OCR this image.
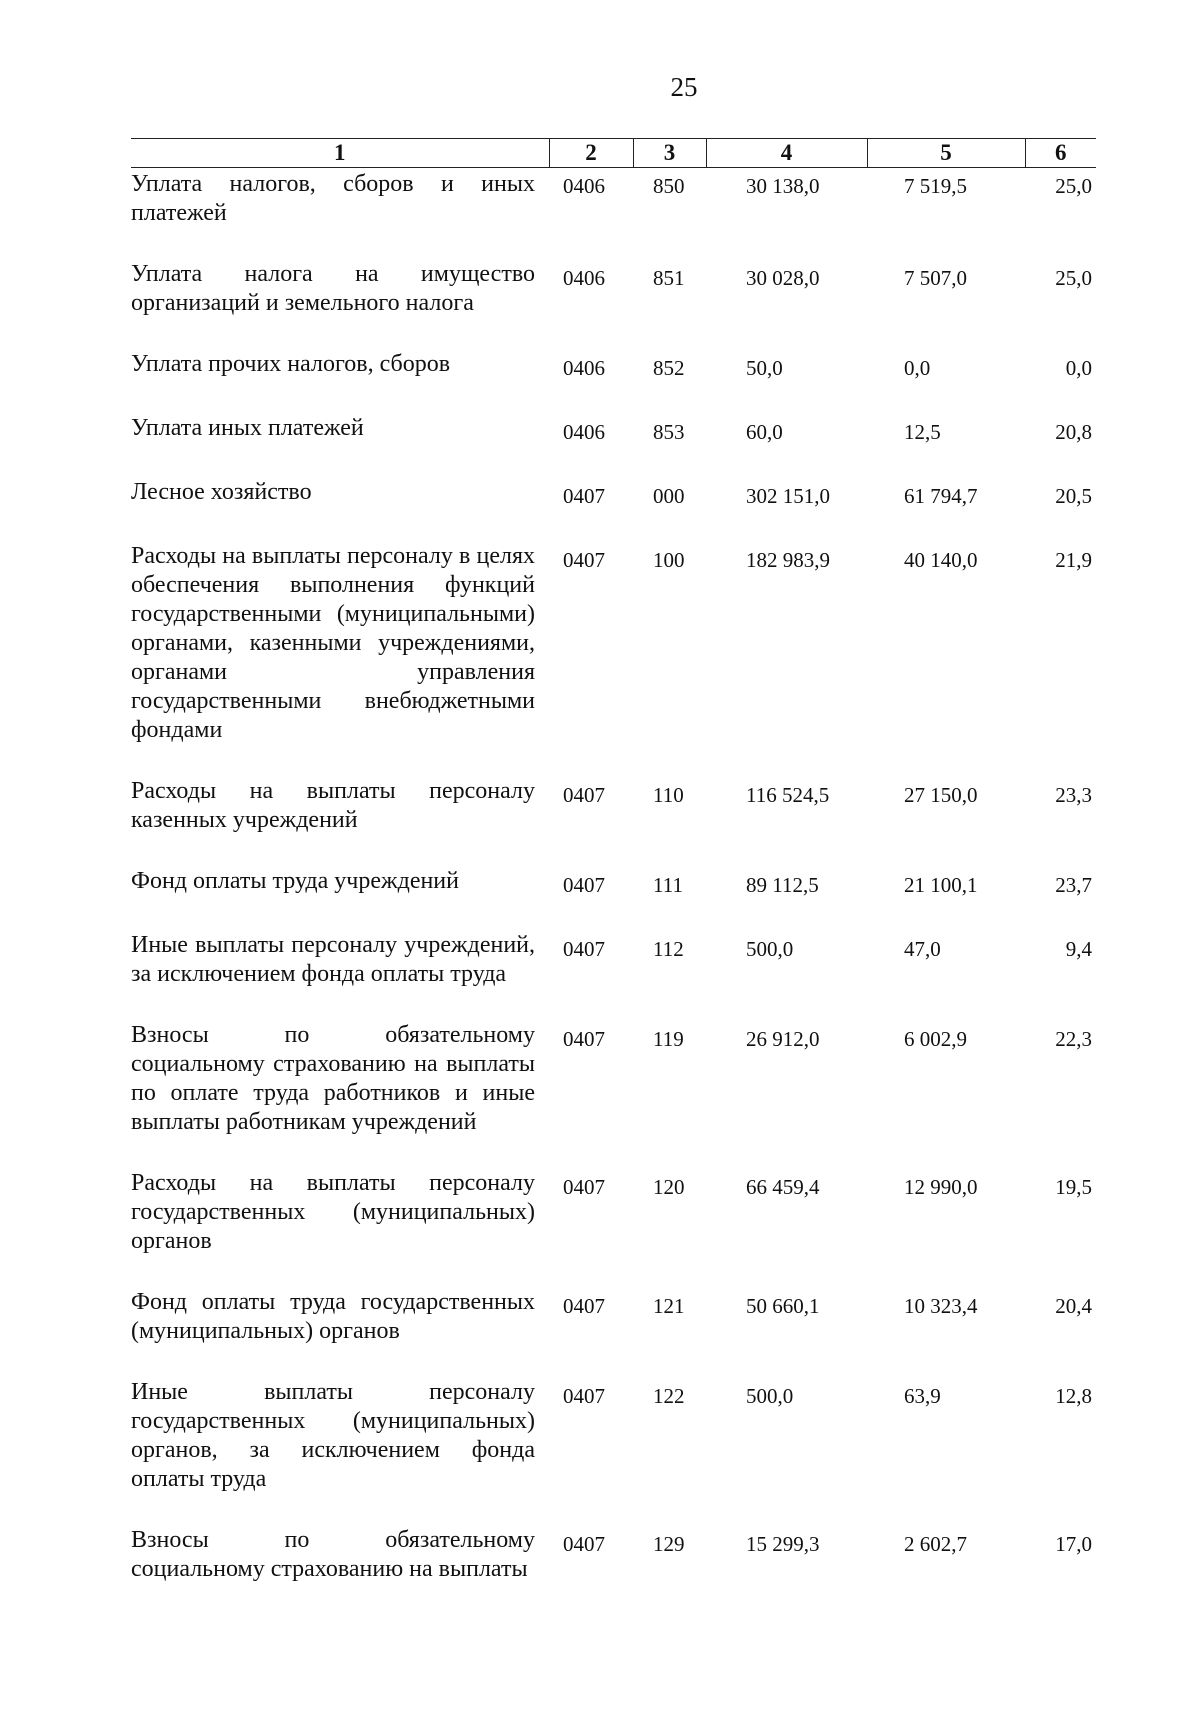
25
1	2	3	4	5	6
Уплата налогов, сборов и иных платежей	0406	850	30 138,0	7 519,5	25,0
Уплата налога на имущество организаций и земельного налога	0406	851	30 028,0	7 507,0	25,0
Уплата прочих налогов, сборов	0406	852	50,0	0,0	0,0
Уплата иных платежей	0406	853	60,0	12,5	20,8
Лесное хозяйство	0407	000	302 151,0	61 794,7	20,5
Расходы на выплаты персоналу в целях обеспечения выполнения функций государственными (муниципальными) органами, казенными учреждениями, органами управления государственными внебюджетными фондами	0407	100	182 983,9	40 140,0	21,9
Расходы на выплаты персоналу казенных учреждений	0407	110	116 524,5	27 150,0	23,3
Фонд оплаты труда учреждений	0407	111	89 112,5	21 100,1	23,7
Иные выплаты персоналу учреждений, за исключением фонда оплаты труда	0407	112	500,0	47,0	9,4
Взносы по обязательному социальному страхованию на выплаты по оплате труда работников и иные выплаты работникам учреждений	0407	119	26 912,0	6 002,9	22,3
Расходы на выплаты персоналу государственных (муниципальных) органов	0407	120	66 459,4	12 990,0	19,5
Фонд оплаты труда государственных (муниципальных) органов	0407	121	50 660,1	10 323,4	20,4
Иные выплаты персоналу государственных (муниципальных) органов, за исключением фонда оплаты труда	0407	122	500,0	63,9	12,8
Взносы по обязательному социальному страхованию на выплаты	0407	129	15 299,3	2 602,7	17,0
